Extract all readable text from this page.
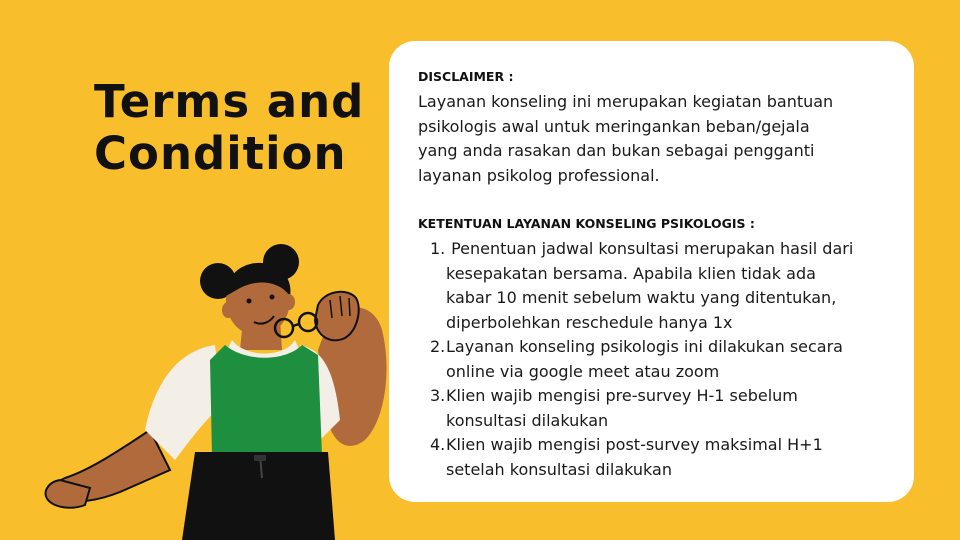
Terms and
Condition
DISCLAIMER :
Layanan konseling ini merupakan kegiatan bantuan
psikologis awal untuk meringankan beban/gejala
yang anda rasakan dan bukan sebagai pengganti
layanan psikolog professional.
KETENTUAN LAYANAN KONSELING PSIKOLOGIS :
1. Penentuan jadwal konsultasi merupakan hasil dari
kesepakatan bersama. Apabila klien tidak ada
kabar 10 menit sebelum waktu yang ditentukan,
diperbolehkan reschedule hanya 1x
2. Layanan konseling psikologis ini dilakukan secara
online via google meet atau zoom
3. Klien wajib mengisi pre-survey H-1 sebelum
konsultasi dilakukan
4. Klien wajib mengisi post-survey maksimal H+1
setelah konsultasi dilakukan
